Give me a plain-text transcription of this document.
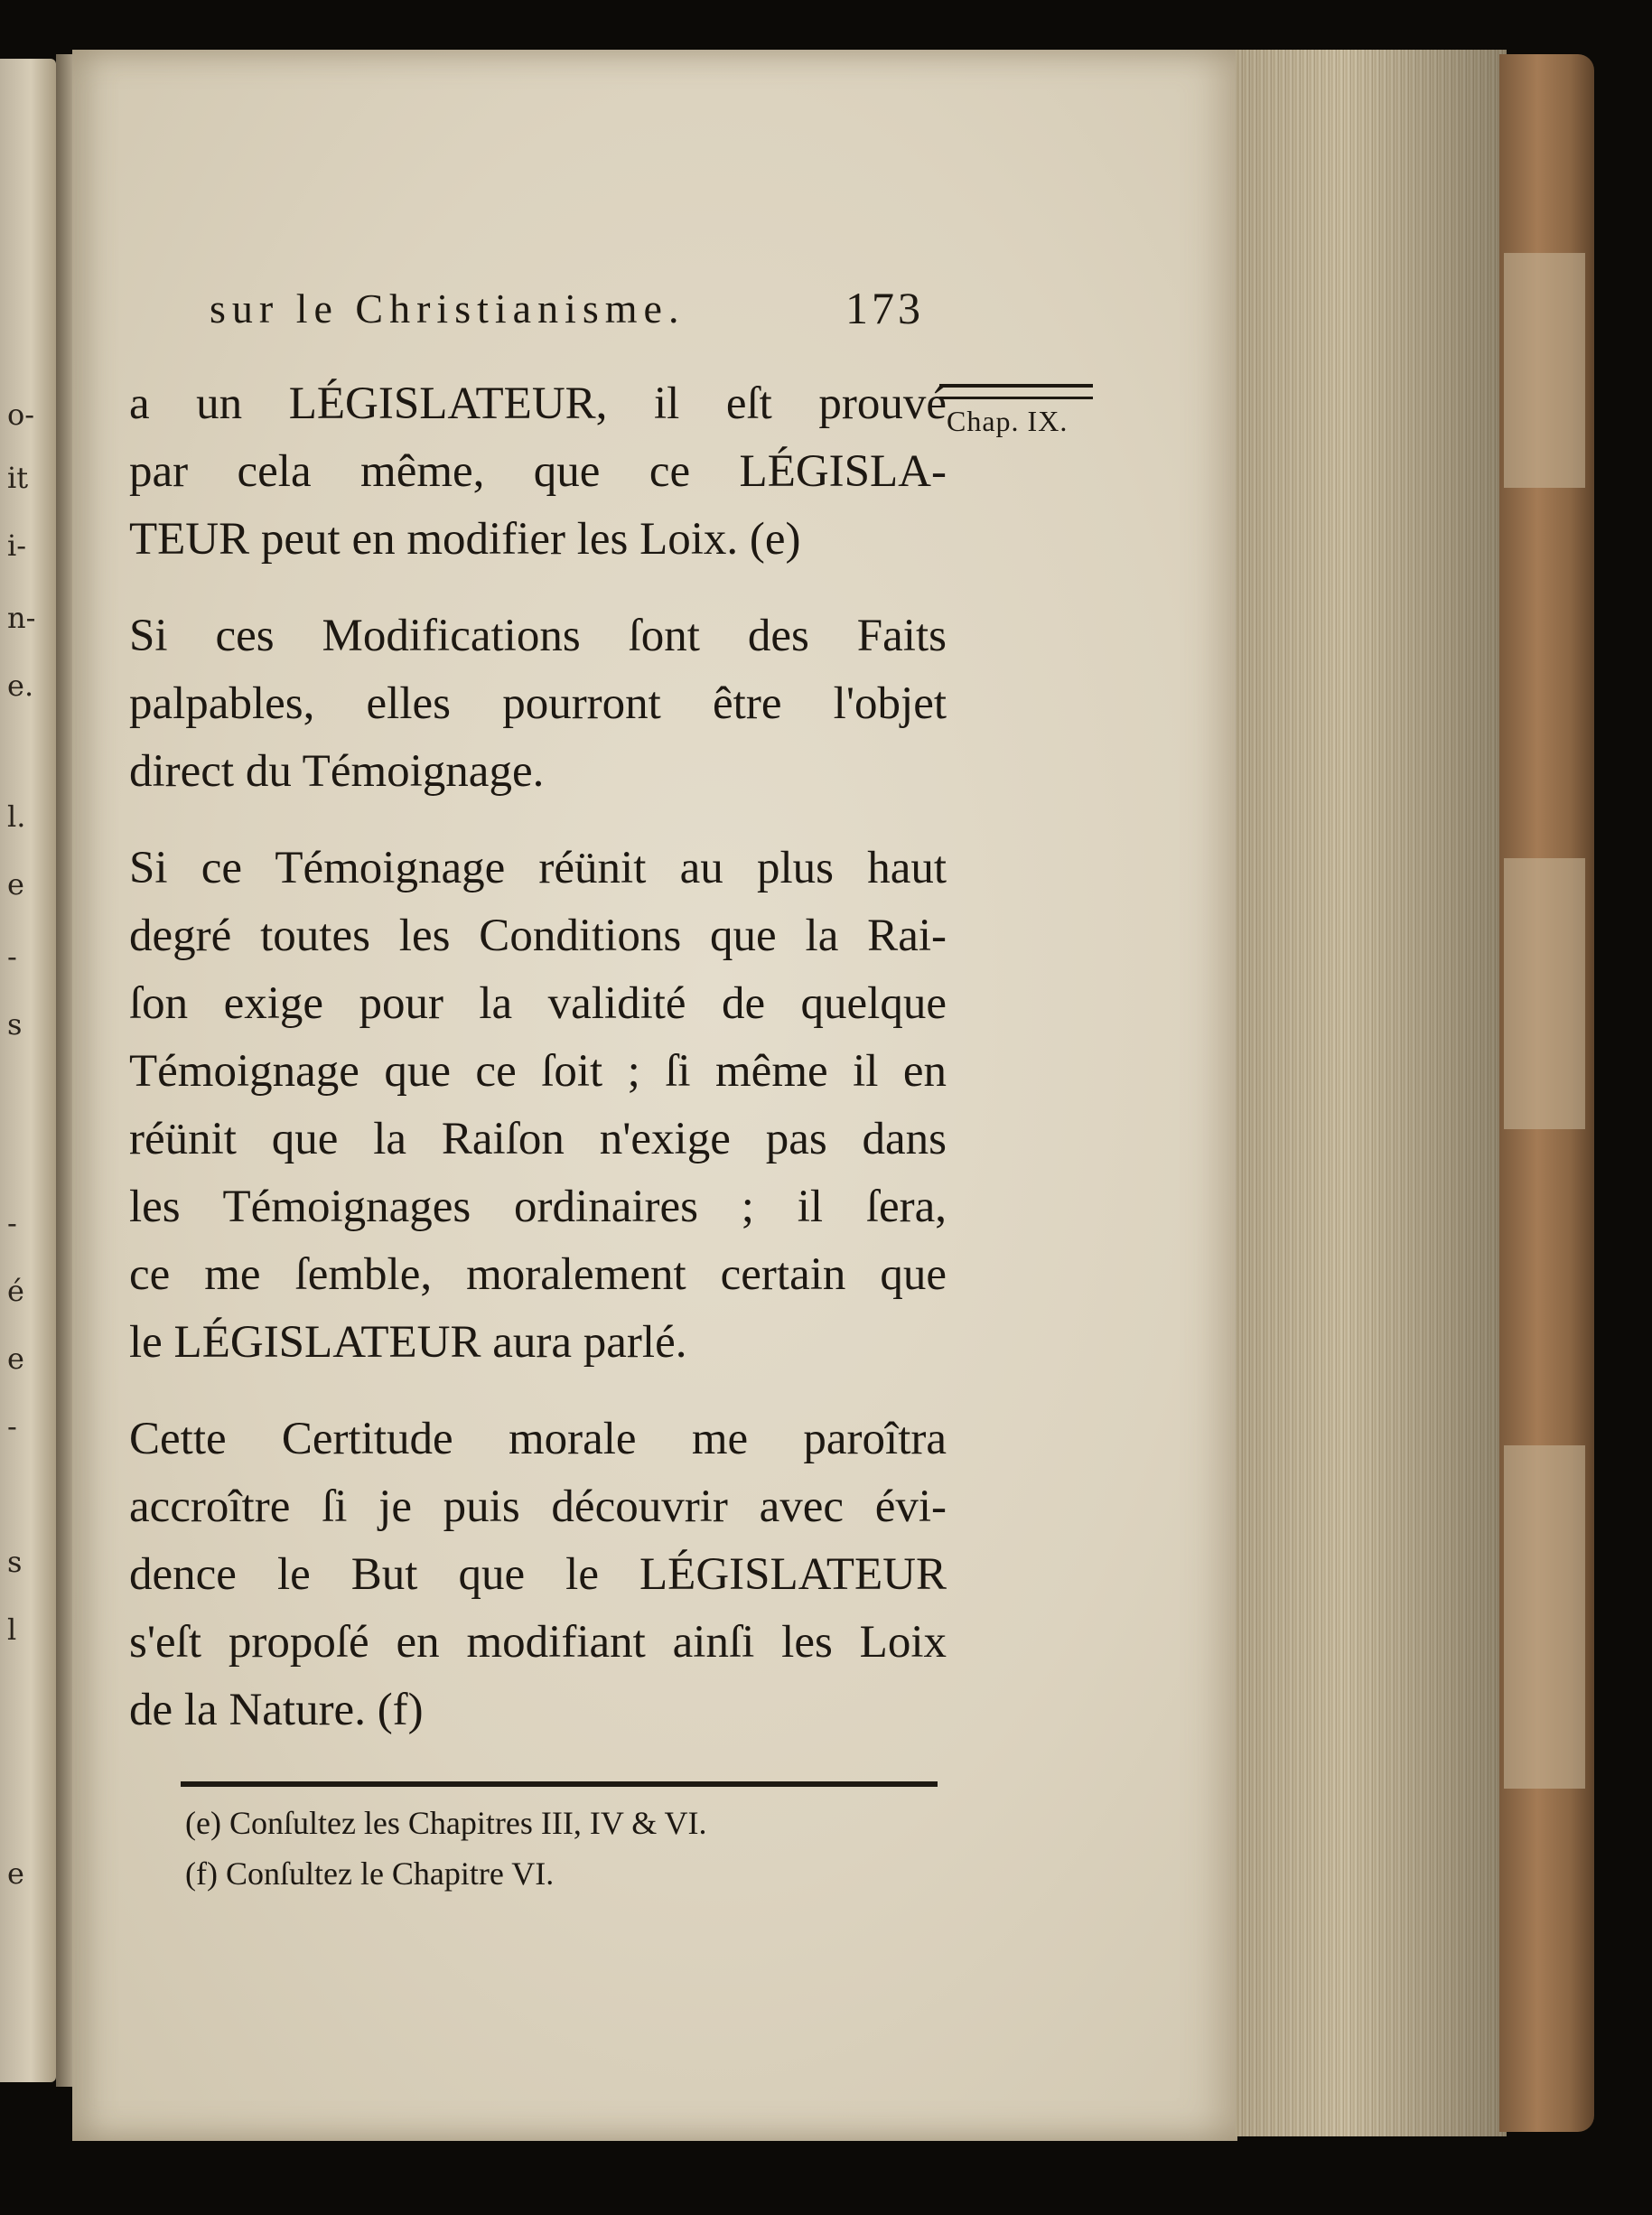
o-
it
i-
n-
e.
l.
e
-
s
-
é
e
-
s
l
e
sur le Christianisme.	173
Chap. IX.
a un LÉGISLATEUR, il eſt prouvé
par cela même, que ce LÉGISLA-
TEUR peut en modifier les Loix. (e)
Si ces Modifications ſont des Faits
palpables, elles pourront être l'objet
direct du Témoignage.
Si ce Témoignage réünit au plus haut
degré toutes les Conditions que la Rai-
ſon exige pour la validité de quelque
Témoignage que ce ſoit ; ſi même il en
réünit que la Raiſon n'exige pas dans
les Témoignages ordinaires ; il ſera,
ce me ſemble, moralement certain que
le LÉGISLATEUR aura parlé.
Cette Certitude morale me paroîtra
accroître ſi je puis découvrir avec évi-
dence le But que le LÉGISLATEUR
s'eſt propoſé en modifiant ainſi les Loix
de la Nature. (f)
(e) Conſultez les Chapitres III, IV & VI.
(f) Conſultez le Chapitre VI.
